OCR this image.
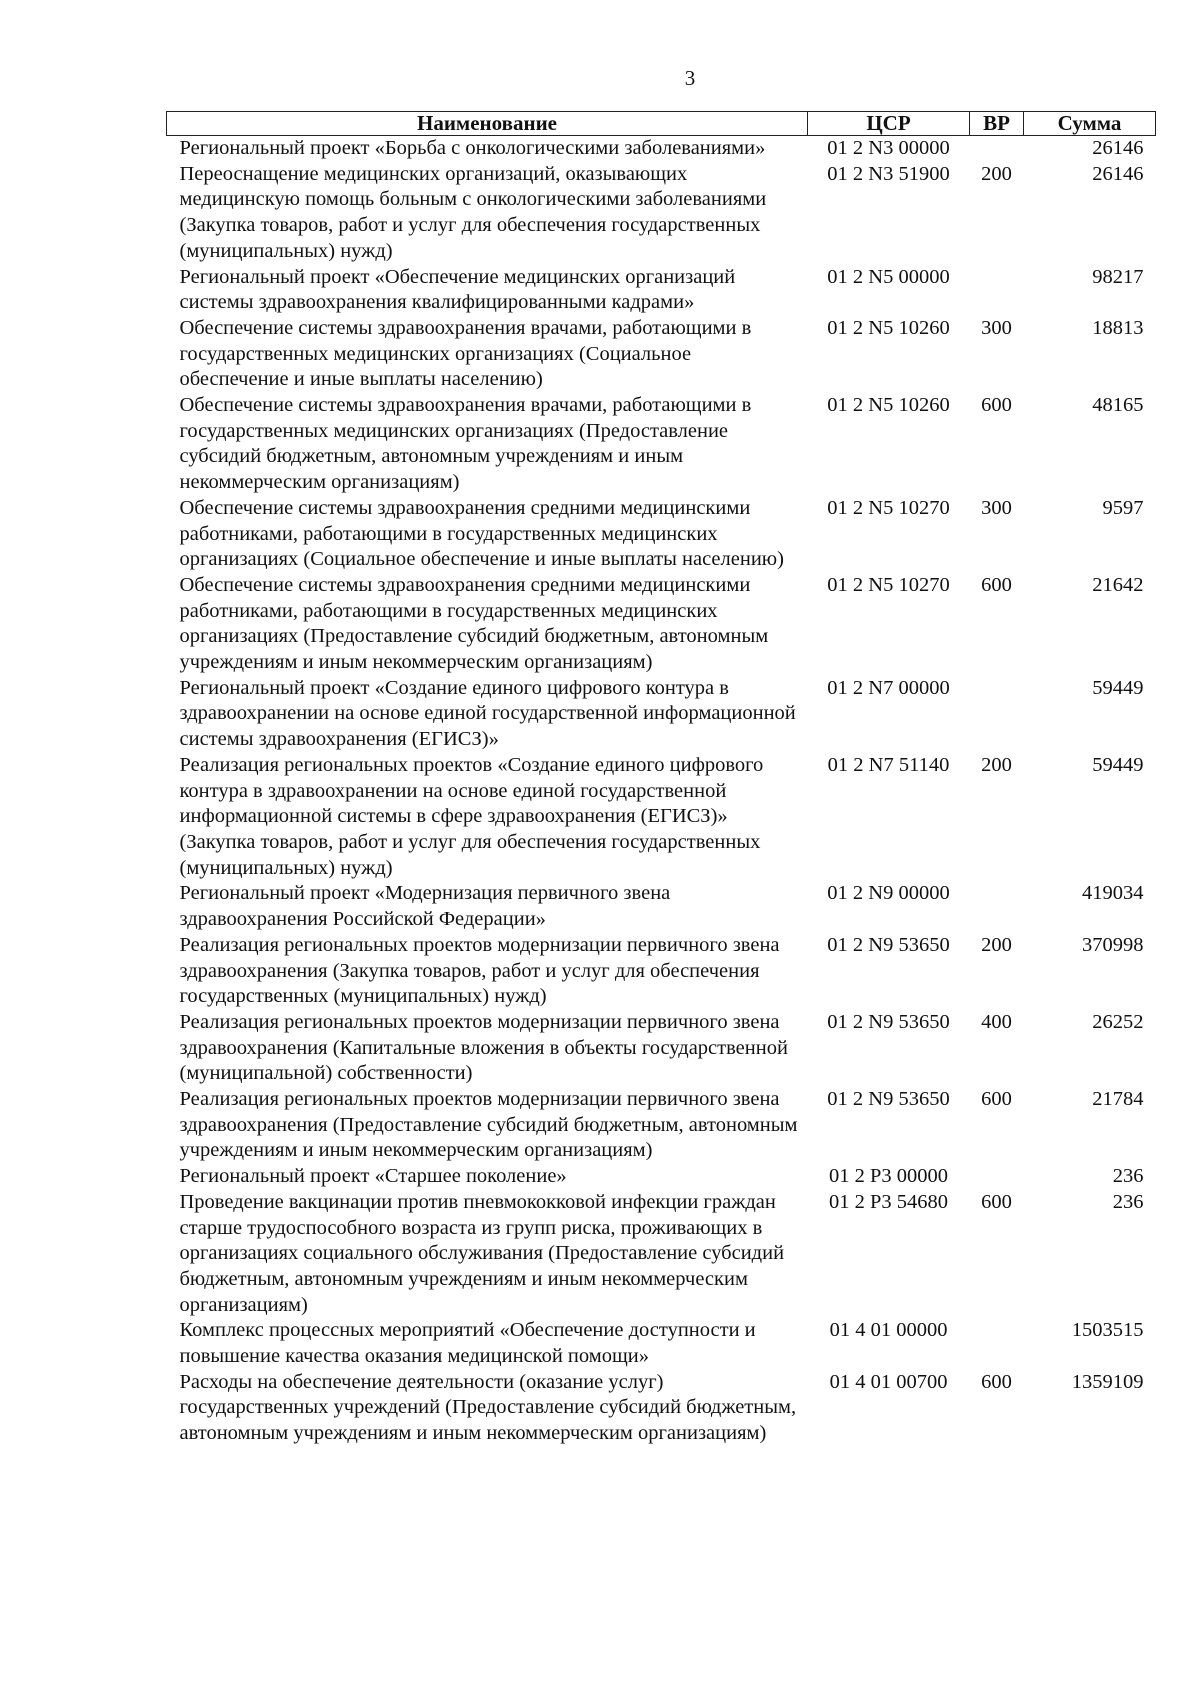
3
Наименование	ЦСР	ВР	Сумма
Региональный проект «Борьба с онкологическими заболеваниями»	01 2 N3 00000		26146
Переоснащение медицинских организаций, оказывающих медицинскую помощь больным с онкологическими заболеваниями (Закупка товаров, работ и услуг для обеспечения государственных (муниципальных) нужд)	01 2 N3 51900	200	26146
Региональный проект «Обеспечение медицинских организаций системы здравоохранения квалифицированными кадрами»	01 2 N5 00000		98217
Обеспечение системы здравоохранения врачами, работающими в государственных медицинских организациях (Социальное обеспечение и иные выплаты населению)	01 2 N5 10260	300	18813
Обеспечение системы здравоохранения врачами, работающими в государственных медицинских организациях (Предоставление субсидий бюджетным, автономным учреждениям и иным некоммерческим организациям)	01 2 N5 10260	600	48165
Обеспечение системы здравоохранения средними медицинскими работниками, работающими в государственных медицинских организациях (Социальное обеспечение и иные выплаты населению)	01 2 N5 10270	300	9597
Обеспечение системы здравоохранения средними медицинскими работниками, работающими в государственных медицинских организациях (Предоставление субсидий бюджетным, автономным учреждениям и иным некоммерческим организациям)	01 2 N5 10270	600	21642
Региональный проект «Создание единого цифрового контура в здравоохранении на основе единой государственной информационной системы здравоохранения (ЕГИСЗ)»	01 2 N7 00000		59449
Реализация региональных проектов «Создание единого цифрового контура в здравоохранении на основе единой государственной информационной системы в сфере здравоохранения (ЕГИСЗ)» (Закупка товаров, работ и услуг для обеспечения государственных (муниципальных) нужд)	01 2 N7 51140	200	59449
Региональный проект «Модернизация первичного звена здравоохранения Российской Федерации»	01 2 N9 00000		419034
Реализация региональных проектов модернизации первичного звена здравоохранения (Закупка товаров, работ и услуг для обеспечения государственных (муниципальных) нужд)	01 2 N9 53650	200	370998
Реализация региональных проектов модернизации первичного звена здравоохранения (Капитальные вложения в объекты государственной (муниципальной) собственности)	01 2 N9 53650	400	26252
Реализация региональных проектов модернизации первичного звена здравоохранения (Предоставление субсидий бюджетным, автономным учреждениям и иным некоммерческим организациям)	01 2 N9 53650	600	21784
Региональный проект «Старшее поколение»	01 2 P3 00000		236
Проведение вакцинации против пневмококковой инфекции граждан старше трудоспособного возраста из групп риска, проживающих в организациях социального обслуживания (Предоставление субсидий бюджетным, автономным учреждениям и иным некоммерческим организациям)	01 2 P3 54680	600	236
Комплекс процессных мероприятий «Обеспечение доступности и повышение качества оказания медицинской помощи»	01 4 01 00000		1503515
Расходы на обеспечение деятельности (оказание услуг) государственных учреждений (Предоставление субсидий бюджетным, автономным учреждениям и иным некоммерческим организациям)	01 4 01 00700	600	1359109
